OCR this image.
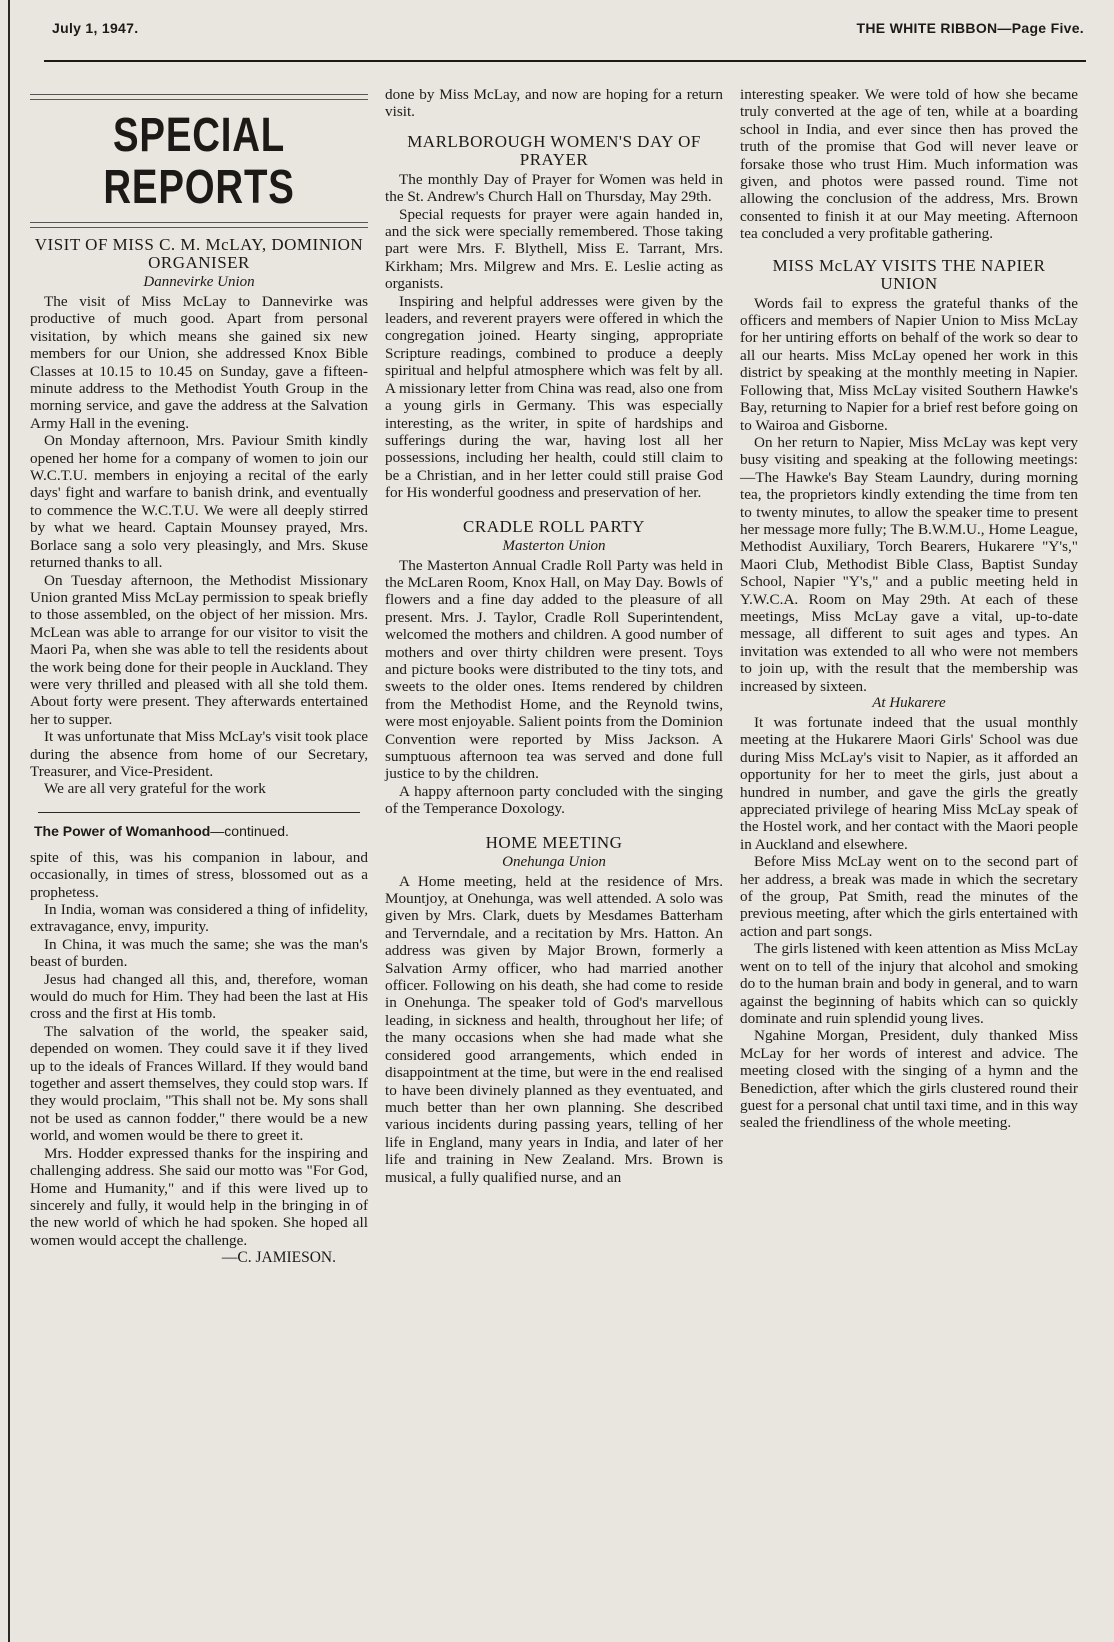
July 1, 1947.	THE WHITE RIBBON—Page Five.
SPECIAL REPORTS
VISIT OF MISS C. M. McLAY, DOMINION ORGANISER
Dannevirke Union

The visit of Miss McLay to Dannevirke was productive of much good. Apart from personal visitation, by which means she gained six new members for our Union, she addressed Knox Bible Classes at 10.15 to 10.45 on Sunday, gave a fifteen-minute address to the Methodist Youth Group in the morning service, and gave the address at the Salvation Army Hall in the evening.

On Monday afternoon, Mrs. Paviour Smith kindly opened her home for a company of women to join our W.C.T.U. members in enjoying a recital of the early days' fight and warfare to banish drink, and eventually to commence the W.C.T.U. We were all deeply stirred by what we heard. Captain Mounsey prayed, Mrs. Borlace sang a solo very pleasingly, and Mrs. Skuse returned thanks to all.

On Tuesday afternoon, the Methodist Missionary Union granted Miss McLay permission to speak briefly to those assembled, on the object of her mission. Mrs. McLean was able to arrange for our visitor to visit the Maori Pa, when she was able to tell the residents about the work being done for their people in Auckland. They were very thrilled and pleased with all she told them. About forty were present. They afterwards entertained her to supper.

It was unfortunate that Miss McLay's visit took place during the absence from home of our Secretary, Treasurer, and Vice-President.

We are all very grateful for the work

The Power of Womanhood—continued.

spite of this, was his companion in labour, and occasionally, in times of stress, blossomed out as a prophetess.

In India, woman was considered a thing of infidelity, extravagance, envy, impurity.

In China, it was much the same; she was the man's beast of burden.

Jesus had changed all this, and, therefore, woman would do much for Him. They had been the last at His cross and the first at His tomb.

The salvation of the world, the speaker said, depended on women. They could save it if they lived up to the ideals of Frances Willard. If they would band together and assert themselves, they could stop wars. If they would proclaim, "This shall not be. My sons shall not be used as cannon fodder," there would be a new world, and women would be there to greet it.

Mrs. Hodder expressed thanks for the inspiring and challenging address. She said our motto was "For God, Home and Humanity," and if this were lived up to sincerely and fully, it would help in the bringing in of the new world of which he had spoken. She hoped all women would accept the challenge.

—C. JAMIESON.

done by Miss McLay, and now are hoping for a return visit.

MARLBOROUGH WOMEN'S DAY OF PRAYER

The monthly Day of Prayer for Women was held in the St. Andrew's Church Hall on Thursday, May 29th.

Special requests for prayer were again handed in, and the sick were specially remembered. Those taking part were Mrs. F. Blythell, Miss E. Tarrant, Mrs. Kirkham; Mrs. Milgrew and Mrs. E. Leslie acting as organists.

Inspiring and helpful addresses were given by the leaders, and reverent prayers were offered in which the congregation joined. Hearty singing, appropriate Scripture readings, combined to produce a deeply spiritual and helpful atmosphere which was felt by all. A missionary letter from China was read, also one from a young girls in Germany. This was especially interesting, as the writer, in spite of hardships and sufferings during the war, having lost all her possessions, including her health, could still claim to be a Christian, and in her letter could still praise God for His wonderful goodness and preservation of her.

CRADLE ROLL PARTY
Masterton Union

The Masterton Annual Cradle Roll Party was held in the McLaren Room, Knox Hall, on May Day. Bowls of flowers and a fine day added to the pleasure of all present. Mrs. J. Taylor, Cradle Roll Superintendent, welcomed the mothers and children. A good number of mothers and over thirty children were present. Toys and picture books were distributed to the tiny tots, and sweets to the older ones. Items rendered by children from the Methodist Home, and the Reynold twins, were most enjoyable. Salient points from the Dominion Convention were reported by Miss Jackson. A sumptuous afternoon tea was served and done full justice to by the children.

A happy afternoon party concluded with the singing of the Temperance Doxology.

HOME MEETING
Onehunga Union

A Home meeting, held at the residence of Mrs. Mountjoy, at Onehunga, was well attended. A solo was given by Mrs. Clark, duets by Mesdames Batterham and Terverndale, and a recitation by Mrs. Hatton. An address was given by Major Brown, formerly a Salvation Army officer, who had married another officer. Following on his death, she had come to reside in Onehunga. The speaker told of God's marvellous leading, in sickness and health, throughout her life; of the many occasions when she had made what she considered good arrangements, which ended in disappointment at the time, but were in the end realised to have been divinely planned as they eventuated, and much better than her own planning. She described various incidents during passing years, telling of her life in England, many years in India, and later of her life and training in New Zealand. Mrs. Brown is musical, a fully qualified nurse, and an

interesting speaker. We were told of how she became truly converted at the age of ten, while at a boarding school in India, and ever since then has proved the truth of the promise that God will never leave or forsake those who trust Him. Much information was given, and photos were passed round. Time not allowing the conclusion of the address, Mrs. Brown consented to finish it at our May meeting. Afternoon tea concluded a very profitable gathering.

MISS McLAY VISITS THE NAPIER UNION

Words fail to express the grateful thanks of the officers and members of Napier Union to Miss McLay for her untiring efforts on behalf of the work so dear to all our hearts. Miss McLay opened her work in this district by speaking at the monthly meeting in Napier. Following that, Miss McLay visited Southern Hawke's Bay, returning to Napier for a brief rest before going on to Wairoa and Gisborne.

On her return to Napier, Miss McLay was kept very busy visiting and speaking at the following meetings:—The Hawke's Bay Steam Laundry, during morning tea, the proprietors kindly extending the time from ten to twenty minutes, to allow the speaker time to present her message more fully; The B.W.M.U., Home League, Methodist Auxiliary, Torch Bearers, Hukarere "Y's," Maori Club, Methodist Bible Class, Baptist Sunday School, Napier "Y's," and a public meeting held in Y.W.C.A. Room on May 29th. At each of these meetings, Miss McLay gave a vital, up-to-date message, all different to suit ages and types. An invitation was extended to all who were not members to join up, with the result that the membership was increased by sixteen.

At Hukarere

It was fortunate indeed that the usual monthly meeting at the Hukarere Maori Girls' School was due during Miss McLay's visit to Napier, as it afforded an opportunity for her to meet the girls, just about a hundred in number, and gave the girls the greatly appreciated privilege of hearing Miss McLay speak of the Hostel work, and her contact with the Maori people in Auckland and elsewhere.

Before Miss McLay went on to the second part of her address, a break was made in which the secretary of the group, Pat Smith, read the minutes of the previous meeting, after which the girls entertained with action and part songs.

The girls listened with keen attention as Miss McLay went on to tell of the injury that alcohol and smoking do to the human brain and body in general, and to warn against the beginning of habits which can so quickly dominate and ruin splendid young lives.

Ngahine Morgan, President, duly thanked Miss McLay for her words of interest and advice. The meeting closed with the singing of a hymn and the Benediction, after which the girls clustered round their guest for a personal chat until taxi time, and in this way sealed the friendliness of the whole meeting.
